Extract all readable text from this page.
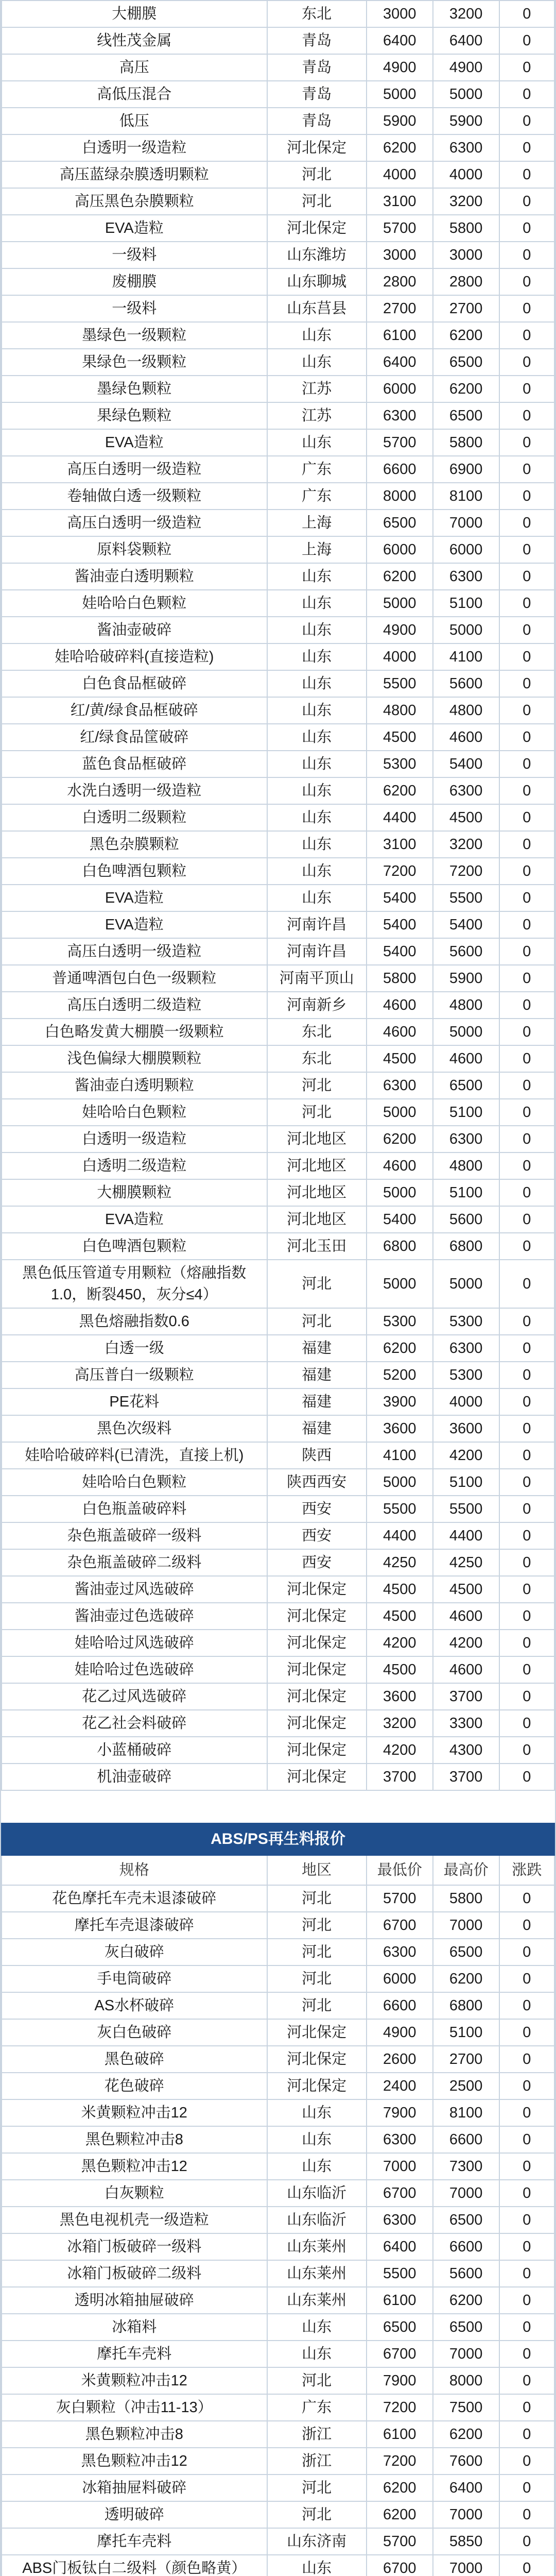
大棚膜	东北	3000	3200	0
线性茂金属	青岛	6400	6400	0
高压	青岛	4900	4900	0
高低压混合	青岛	5000	5000	0
低压	青岛	5900	5900	0
白透明一级造粒	河北保定	6200	6300	0
高压蓝绿杂膜透明颗粒	河北	4000	4000	0
高压黑色杂膜颗粒	河北	3100	3200	0
EVA造粒	河北保定	5700	5800	0
一级料	山东潍坊	3000	3000	0
废棚膜	山东聊城	2800	2800	0
一级料	山东莒县	2700	2700	0
墨绿色一级颗粒	山东	6100	6200	0
果绿色一级颗粒	山东	6400	6500	0
墨绿色颗粒	江苏	6000	6200	0
果绿色颗粒	江苏	6300	6500	0
EVA造粒	山东	5700	5800	0
高压白透明一级造粒	广东	6600	6900	0
卷轴做白透一级颗粒	广东	8000	8100	0
高压白透明一级造粒	上海	6500	7000	0
原料袋颗粒	上海	6000	6000	0
酱油壶白透明颗粒	山东	6200	6300	0
娃哈哈白色颗粒	山东	5000	5100	0
酱油壶破碎	山东	4900	5000	0
娃哈哈破碎料(直接造粒)	山东	4000	4100	0
白色食品框破碎	山东	5500	5600	0
红/黄/绿食品框破碎	山东	4800	4800	0
红/绿食品筐破碎	山东	4500	4600	0
蓝色食品框破碎	山东	5300	5400	0
水洗白透明一级造粒	山东	6200	6300	0
白透明二级颗粒	山东	4400	4500	0
黑色杂膜颗粒	山东	3100	3200	0
白色啤酒包颗粒	山东	7200	7200	0
EVA造粒	山东	5400	5500	0
EVA造粒	河南许昌	5400	5400	0
高压白透明一级造粒	河南许昌	5400	5600	0
普通啤酒包白色一级颗粒	河南平顶山	5800	5900	0
高压白透明二级造粒	河南新乡	4600	4800	0
白色略发黄大棚膜一级颗粒	东北	4600	5000	0
浅色偏绿大棚膜颗粒	东北	4500	4600	0
酱油壶白透明颗粒	河北	6300	6500	0
娃哈哈白色颗粒	河北	5000	5100	0
白透明一级造粒	河北地区	6200	6300	0
白透明二级造粒	河北地区	4600	4800	0
大棚膜颗粒	河北地区	5000	5100	0
EVA造粒	河北地区	5400	5600	0
白色啤酒包颗粒	河北玉田	6800	6800	0
黑色低压管道专用颗粒（熔融指数1.0，断裂450，灰分≤4）	河北	5000	5000	0
黑色熔融指数0.6	河北	5300	5300	0
白透一级	福建	6200	6300	0
高压普白一级颗粒	福建	5200	5300	0
PE花料	福建	3900	4000	0
黑色次级料	福建	3600	3600	0
娃哈哈破碎料(已清洗，直接上机)	陕西	4100	4200	0
娃哈哈白色颗粒	陕西西安	5000	5100	0
白色瓶盖破碎料	西安	5500	5500	0
杂色瓶盖破碎一级料	西安	4400	4400	0
杂色瓶盖破碎二级料	西安	4250	4250	0
酱油壶过风选破碎	河北保定	4500	4500	0
酱油壶过色选破碎	河北保定	4500	4600	0
娃哈哈过风选破碎	河北保定	4200	4200	0
娃哈哈过色选破碎	河北保定	4500	4600	0
花乙过风选破碎	河北保定	3600	3700	0
花乙社会料破碎	河北保定	3200	3300	0
小蓝桶破碎	河北保定	4200	4300	0
机油壶破碎	河北保定	3700	3700	0
ABS/PS再生料报价				
规格	地区	最低价	最高价	涨跌
花色摩托车壳未退漆破碎	河北	5700	5800	0
摩托车壳退漆破碎	河北	6700	7000	0
灰白破碎	河北	6300	6500	0
手电筒破碎	河北	6000	6200	0
AS水杯破碎	河北	6600	6800	0
灰白色破碎	河北保定	4900	5100	0
黑色破碎	河北保定	2600	2700	0
花色破碎	河北保定	2400	2500	0
米黄颗粒冲击12	山东	7900	8100	0
黑色颗粒冲击8	山东	6300	6600	0
黑色颗粒冲击12	山东	7000	7300	0
白灰颗粒	山东临沂	6700	7000	0
黑色电视机壳一级造粒	山东临沂	6300	6500	0
冰箱门板破碎一级料	山东莱州	6400	6600	0
冰箱门板破碎二级料	山东莱州	5500	5600	0
透明冰箱抽屉破碎	山东莱州	6100	6200	0
冰箱料	山东	6500	6500	0
摩托车壳料	山东	6700	7000	0
米黄颗粒冲击12	河北	7900	8000	0
灰白颗粒（冲击11-13）	广东	7200	7500	0
黑色颗粒冲击8	浙江	6100	6200	0
黑色颗粒冲击12	浙江	7200	7600	0
冰箱抽屉料破碎	河北	6200	6400	0
透明破碎	河北	6200	7000	0
摩托车壳料	山东济南	5700	5850	0
ABS门板钛白二级料（颜色略黄）	山东	6700	7000	0
